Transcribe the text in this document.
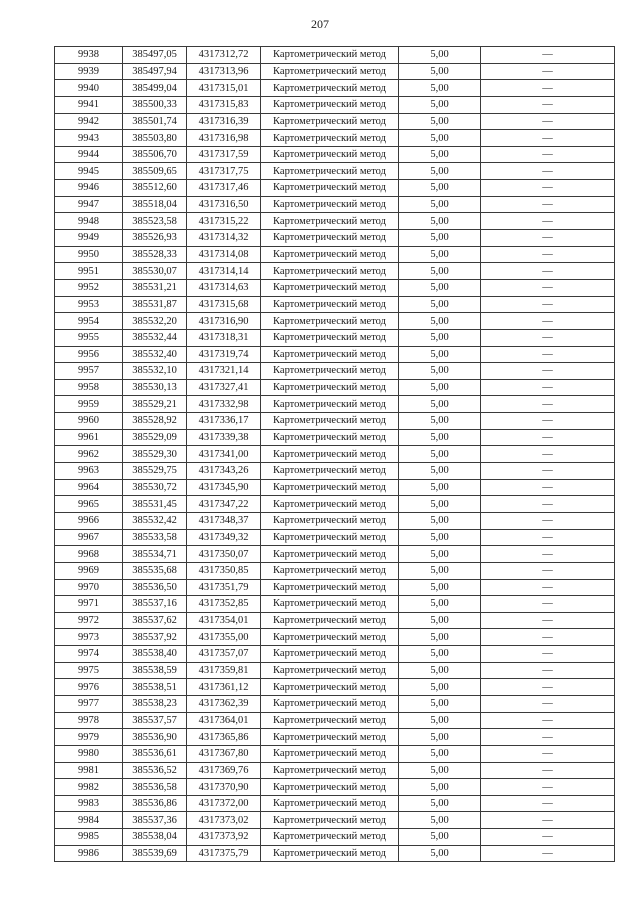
207
9938	385497,05	4317312,72	Картометрический метод	5,00	—
9939	385497,94	4317313,96	Картометрический метод	5,00	—
9940	385499,04	4317315,01	Картометрический метод	5,00	—
9941	385500,33	4317315,83	Картометрический метод	5,00	—
9942	385501,74	4317316,39	Картометрический метод	5,00	—
9943	385503,80	4317316,98	Картометрический метод	5,00	—
9944	385506,70	4317317,59	Картометрический метод	5,00	—
9945	385509,65	4317317,75	Картометрический метод	5,00	—
9946	385512,60	4317317,46	Картометрический метод	5,00	—
9947	385518,04	4317316,50	Картометрический метод	5,00	—
9948	385523,58	4317315,22	Картометрический метод	5,00	—
9949	385526,93	4317314,32	Картометрический метод	5,00	—
9950	385528,33	4317314,08	Картометрический метод	5,00	—
9951	385530,07	4317314,14	Картометрический метод	5,00	—
9952	385531,21	4317314,63	Картометрический метод	5,00	—
9953	385531,87	4317315,68	Картометрический метод	5,00	—
9954	385532,20	4317316,90	Картометрический метод	5,00	—
9955	385532,44	4317318,31	Картометрический метод	5,00	—
9956	385532,40	4317319,74	Картометрический метод	5,00	—
9957	385532,10	4317321,14	Картометрический метод	5,00	—
9958	385530,13	4317327,41	Картометрический метод	5,00	—
9959	385529,21	4317332,98	Картометрический метод	5,00	—
9960	385528,92	4317336,17	Картометрический метод	5,00	—
9961	385529,09	4317339,38	Картометрический метод	5,00	—
9962	385529,30	4317341,00	Картометрический метод	5,00	—
9963	385529,75	4317343,26	Картометрический метод	5,00	—
9964	385530,72	4317345,90	Картометрический метод	5,00	—
9965	385531,45	4317347,22	Картометрический метод	5,00	—
9966	385532,42	4317348,37	Картометрический метод	5,00	—
9967	385533,58	4317349,32	Картометрический метод	5,00	—
9968	385534,71	4317350,07	Картометрический метод	5,00	—
9969	385535,68	4317350,85	Картометрический метод	5,00	—
9970	385536,50	4317351,79	Картометрический метод	5,00	—
9971	385537,16	4317352,85	Картометрический метод	5,00	—
9972	385537,62	4317354,01	Картометрический метод	5,00	—
9973	385537,92	4317355,00	Картометрический метод	5,00	—
9974	385538,40	4317357,07	Картометрический метод	5,00	—
9975	385538,59	4317359,81	Картометрический метод	5,00	—
9976	385538,51	4317361,12	Картометрический метод	5,00	—
9977	385538,23	4317362,39	Картометрический метод	5,00	—
9978	385537,57	4317364,01	Картометрический метод	5,00	—
9979	385536,90	4317365,86	Картометрический метод	5,00	—
9980	385536,61	4317367,80	Картометрический метод	5,00	—
9981	385536,52	4317369,76	Картометрический метод	5,00	—
9982	385536,58	4317370,90	Картометрический метод	5,00	—
9983	385536,86	4317372,00	Картометрический метод	5,00	—
9984	385537,36	4317373,02	Картометрический метод	5,00	—
9985	385538,04	4317373,92	Картометрический метод	5,00	—
9986	385539,69	4317375,79	Картометрический метод	5,00	—
